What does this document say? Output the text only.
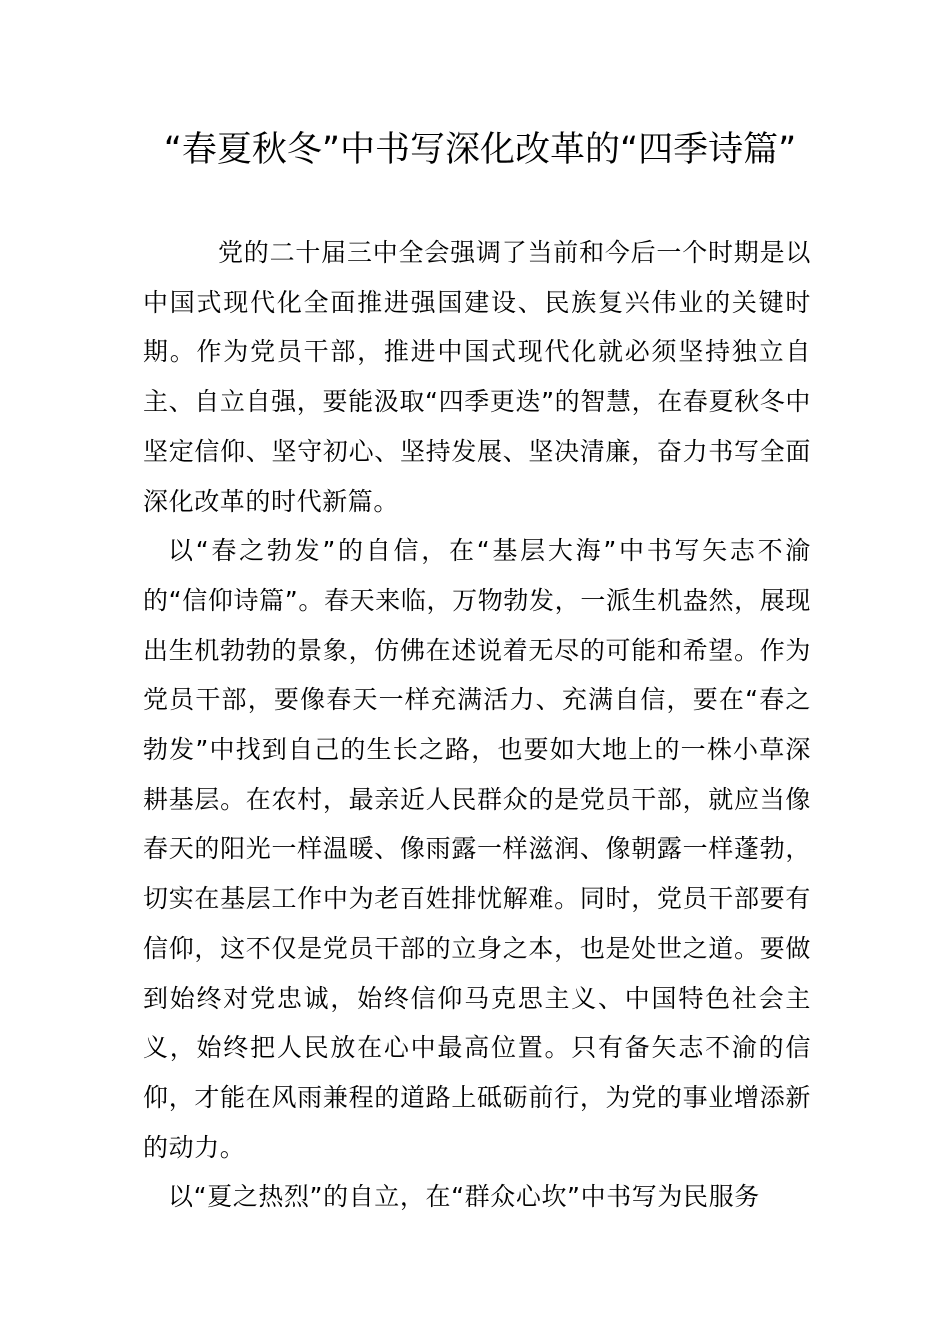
“春夏秋冬”中书写深化改革的“四季诗篇”

党的二十届三中全会强调了当前和今后一个时期是以中国式现代化全面推进强国建设、民族复兴伟业的关键时期。作为党员干部，推进中国式现代化就必须坚持独立自主、自立自强，要能汲取“四季更迭”的智慧，在春夏秋冬中坚定信仰、坚守初心、坚持发展、坚决清廉，奋力书写全面深化改革的时代新篇。

以“春之勃发”的自信，在“基层大海”中书写矢志不渝的“信仰诗篇”。春天来临，万物勃发，一派生机盎然，展现出生机勃勃的景象，仿佛在述说着无尽的可能和希望。作为党员干部，要像春天一样充满活力、充满自信，要在“春之勃发”中找到自己的生长之路，也要如大地上的一株小草深耕基层。在农村，最亲近人民群众的是党员干部，就应当像春天的阳光一样温暖、像雨露一样滋润、像朝露一样蓬勃，切实在基层工作中为老百姓排忧解难。同时，党员干部要有信仰，这不仅是党员干部的立身之本，也是处世之道。要做到始终对党忠诚，始终信仰马克思主义、中国特色社会主义，始终把人民放在心中最高位置。只有备矢志不渝的信仰，才能在风雨兼程的道路上砥砺前行，为党的事业增添新的动力。

以“夏之热烈”的自立，在“群众心坎”中书写为民服务
